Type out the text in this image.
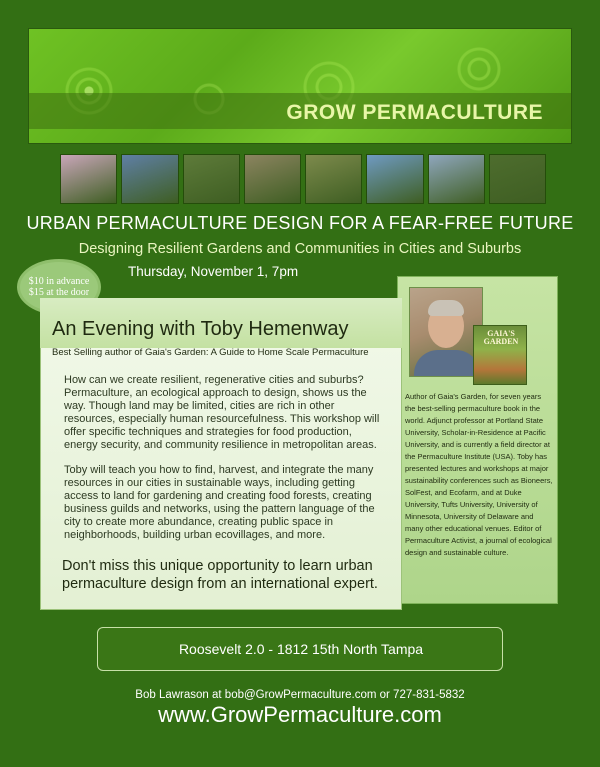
GROW PERMACULTURE
URBAN PERMACULTURE DESIGN FOR A FEAR-FREE FUTURE
Designing Resilient Gardens and Communities in Cities and Suburbs
$10 in advance
$15 at the door
Thursday, November 1, 7pm
An Evening with Toby Hemenway
Best Selling author of Gaia's Garden: A Guide to Home Scale Permaculture
How can we create resilient, regenerative cities and suburbs? Permaculture, an ecological approach to design, shows us the way. Though land may be limited, cities are rich in other resources, especially human resourcefulness. This workshop will offer specific techniques and strategies for food production, energy security, and community resilience in metropolitan areas.
Toby will teach you how to find, harvest, and integrate the many resources in our cities in sustainable ways, including getting access to land for gardening and creating food forests, creating business guilds and networks, using the pattern language of the city to create more abundance, creating public space in neighborhoods, building urban ecovillages, and more.
Don't miss this unique opportunity to learn urban permaculture design from an international expert.
GAIA'S GARDEN
Author of Gaia's Garden, for seven years the best-selling permaculture book in the world. Adjunct professor at Portland State University, Scholar-in-Residence at Pacific University, and is currently a field director at the Permaculture Institute (USA). Toby has presented lectures and workshops at major sustainability conferences such as Bioneers, SolFest, and Ecofarm, and at Duke University, Tufts University, University of Minnesota, University of Delaware and many other educational venues. Editor of Permaculture Activist, a journal of ecological design and sustainable culture.
Roosevelt 2.0 - 1812 15th North Tampa
Bob Lawrason at bob@GrowPermaculture.com or 727-831-5832
www.GrowPermaculture.com
